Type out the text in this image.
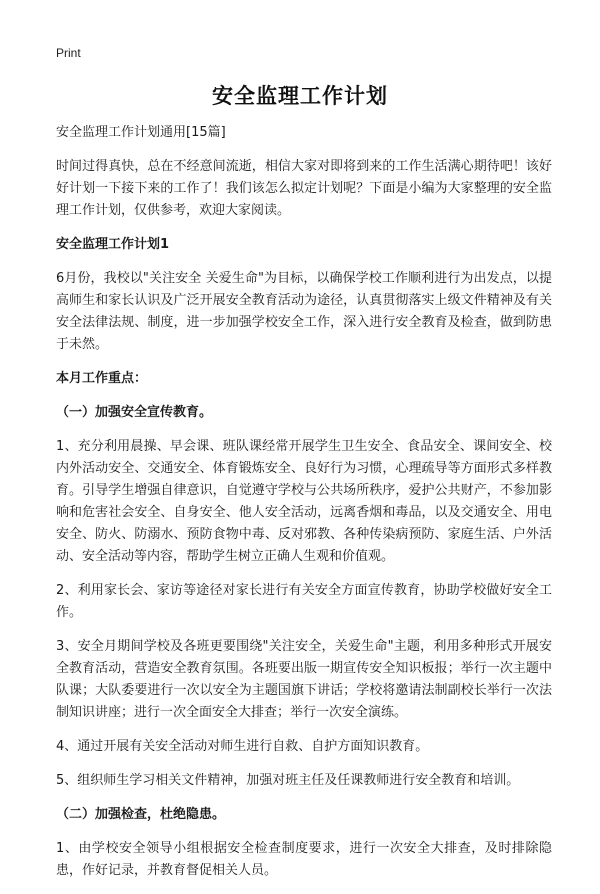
Print
安全监理工作计划

安全监理工作计划通用[15篇]

时间过得真快，总在不经意间流逝，相信大家对即将到来的工作生活满心期待吧！该好好计划一下接下来的工作了！我们该怎么拟定计划呢？下面是小编为大家整理的安全监理工作计划，仅供参考，欢迎大家阅读。

安全监理工作计划1

6月份，我校以"关注安全 关爱生命"为目标，以确保学校工作顺利进行为出发点，以提高师生和家长认识及广泛开展安全教育活动为途径，认真贯彻落实上级文件精神及有关安全法律法规、制度，进一步加强学校安全工作，深入进行安全教育及检查，做到防患于未然。

本月工作重点：

（一）加强安全宣传教育。

1、充分利用晨操、早会课、班队课经常开展学生卫生安全、食品安全、课间安全、校内外活动安全、交通安全、体育锻炼安全、良好行为习惯，心理疏导等方面形式多样教育。引导学生增强自律意识，自觉遵守学校与公共场所秩序，爱护公共财产，不参加影响和危害社会安全、自身安全、他人安全活动，远离香烟和毒品，以及交通安全、用电安全、防火、防溺水、预防食物中毒、反对邪教、各种传染病预防、家庭生活、户外活动、安全活动等内容，帮助学生树立正确人生观和价值观。

2、利用家长会、家访等途径对家长进行有关安全方面宣传教育，协助学校做好安全工作。

3、安全月期间学校及各班更要围绕"关注安全，关爱生命"主题，利用多种形式开展安全教育活动，营造安全教育氛围。各班要出版一期宣传安全知识板报；举行一次主题中队课；大队委要进行一次以安全为主题国旗下讲话；学校将邀请法制副校长举行一次法制知识讲座；进行一次全面安全大排查；举行一次安全演练。

4、通过开展有关安全活动对师生进行自救、自护方面知识教育。

5、组织师生学习相关文件精神，加强对班主任及任课教师进行安全教育和培训。

（二）加强检查，杜绝隐患。

1、由学校安全领导小组根据安全检查制度要求，进行一次安全大排查，及时排除隐患，作好记录，并教育督促相关人员。
